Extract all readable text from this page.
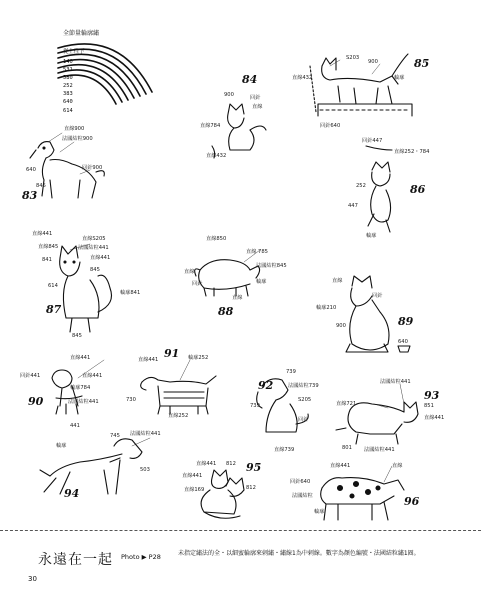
全節量輪廓繡
從上往下
140
531
580
252
383
640
614
83
84
85
86
87	88
89
90
91
92
93
94
95
96
直線900
法國結粒900
回針900
640
845
900	回針
直線
直線784
直線432
S203
900
輪廓
直線432
回針640
回針447
直線252・784
252
447
輪廓
直線441
直線S205
直線845	法國結粒441
841	直線441
845
614
輪廓841
845
直線850
直線 785
法國結粒845
直線
回針	輪廓
直線
直線
回針
輪廓210
900
640
直線441
回針441	直線441
輪廓784
法國結粒441
441
直線441	輪廓252
730
直線252
739
法國結粒739
S205
739
回針
直線739
法國結粒441
直線721	851
直線441
801 法國結粒441
745 法國結粒441
輪廓
503
直線441 812
直線441
直線169	812
直線441	直線
回針640
法國結粒
輪廓
永遠在一起 Photo ▶ P28	未指定繡法的全・以細蜜輪廓來刺繡・繡線1為中刺線。數字為顏色編號・法國結粒繡1圈。
30
